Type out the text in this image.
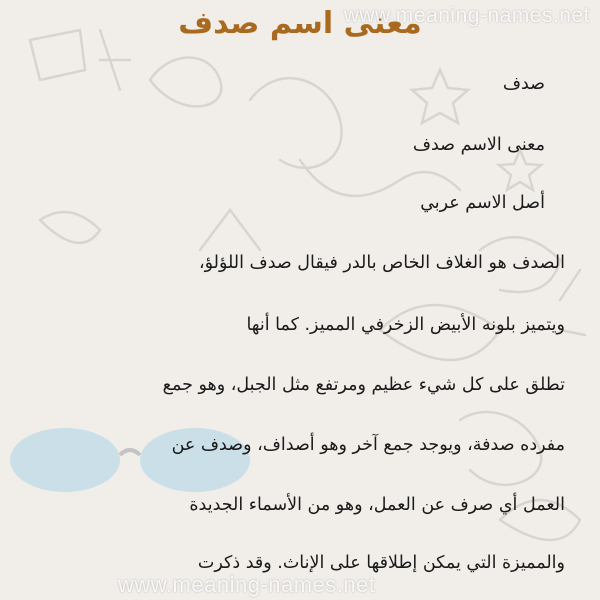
www.meaning-names.net
معنى اسم صدف
صدف
معنى الاسم صدف
أصل الاسم عربي
الصدف هو الغلاف الخاص بالدر فيقال صدف اللؤلؤ،
ويتميز بلونه الأبيض الزخرفي المميز. كما أنها
تطلق على كل شيء عظيم ومرتفع مثل الجبل، وهو جمع
مفرده صدفة، ويوجد جمع آخر وهو أصداف، وصدف عن
العمل أي صرف عن العمل، وهو من الأسماء الجديدة
والمميزة التي يمكن إطلاقها على الإناث. وقد ذكرت
www.meaning-names.net
